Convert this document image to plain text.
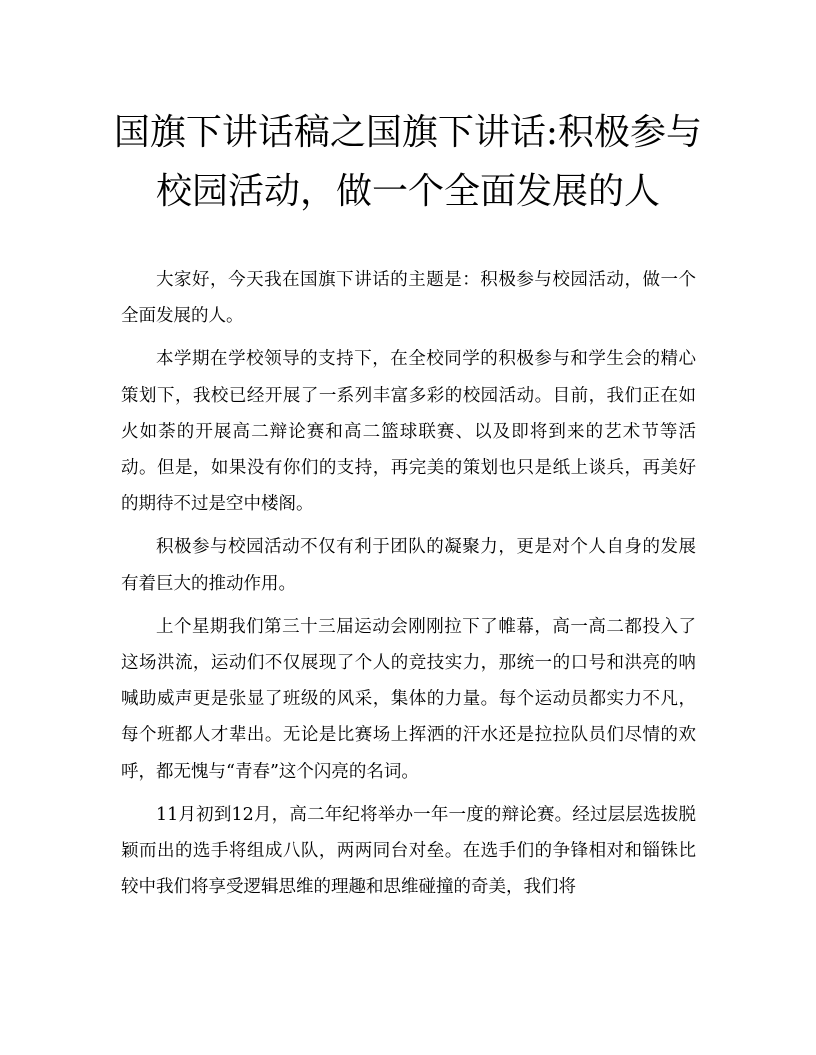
国旗下讲话稿之国旗下讲话:积极参与
校园活动，做一个全面发展的人

大家好，今天我在国旗下讲话的主题是：积极参与校园活动，做一个全面发展的人。

本学期在学校领导的支持下，在全校同学的积极参与和学生会的精心策划下，我校已经开展了一系列丰富多彩的校园活动。目前，我们正在如火如荼的开展高二辩论赛和高二篮球联赛、以及即将到来的艺术节等活动。但是，如果没有你们的支持，再完美的策划也只是纸上谈兵，再美好的期待不过是空中楼阁。

积极参与校园活动不仅有利于团队的凝聚力，更是对个人自身的发展有着巨大的推动作用。

上个星期我们第三十三届运动会刚刚拉下了帷幕，高一高二都投入了这场洪流，运动们不仅展现了个人的竞技实力，那统一的口号和洪亮的呐喊助威声更是张显了班级的风采，集体的力量。每个运动员都实力不凡，每个班都人才辈出。无论是比赛场上挥洒的汗水还是拉拉队员们尽情的欢呼，都无愧与“青春”这个闪亮的名词。

11月初到12月，高二年纪将举办一年一度的辩论赛。经过层层选拔脱颖而出的选手将组成八队，两两同台对垒。在选手们的争锋相对和锱铢比较中我们将享受逻辑思维的理趣和思维碰撞的奇美，我们将
